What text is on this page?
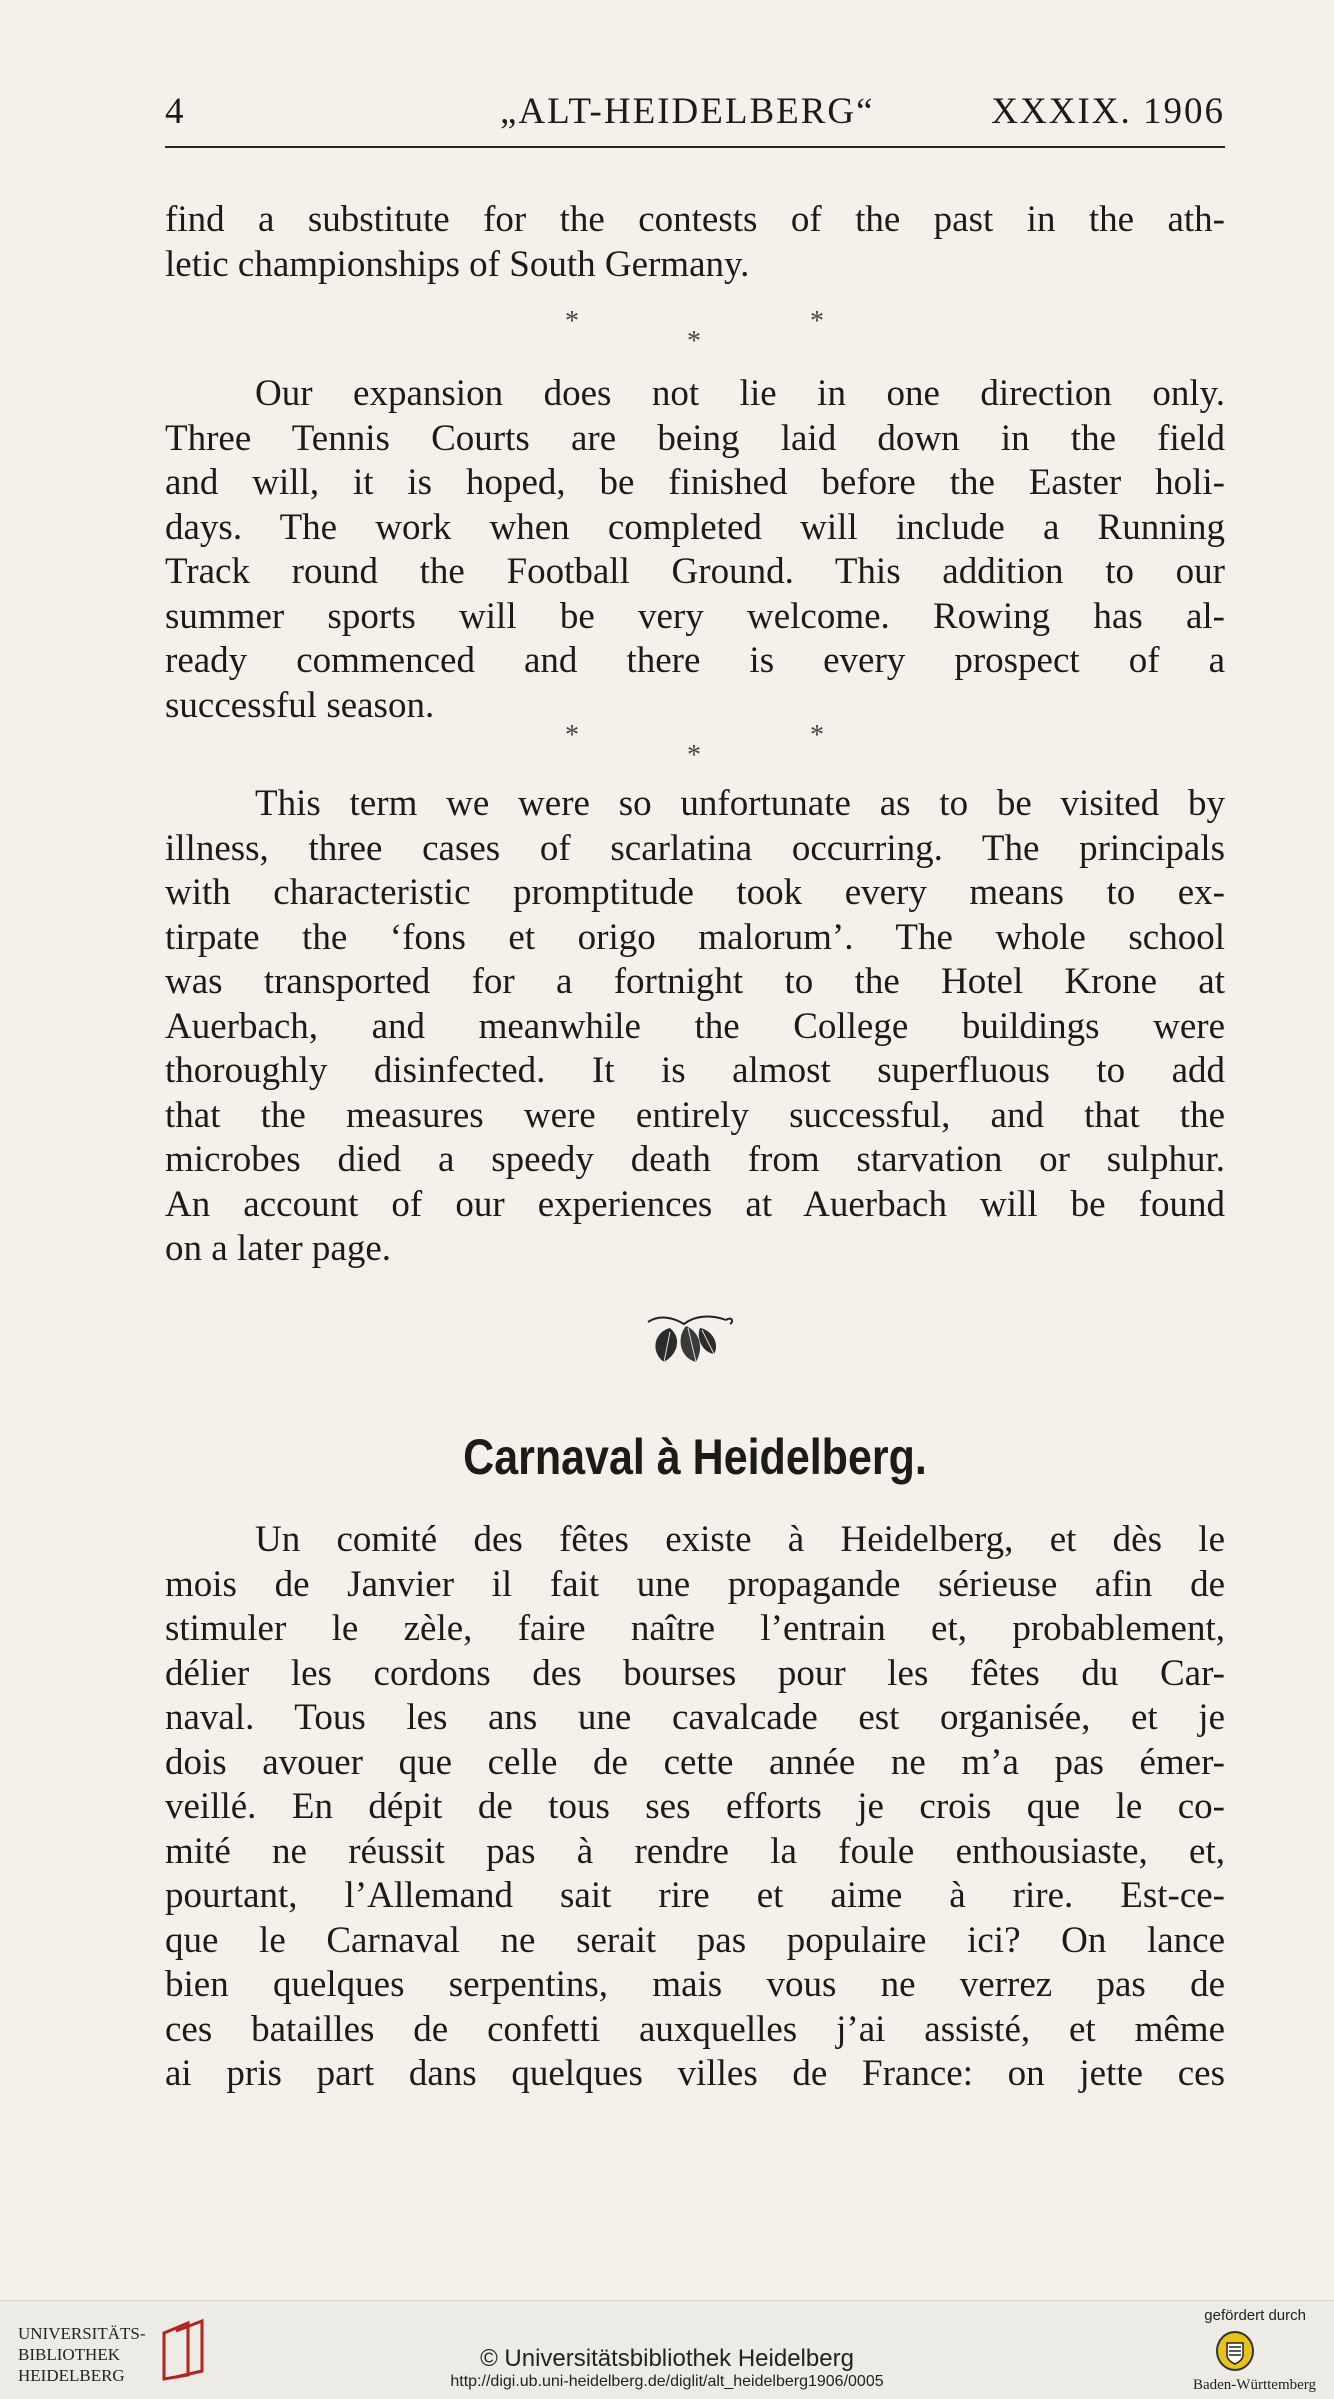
4	„ALT-HEIDELBERG“	XXXIX. 1906
find a substitute for the contests of the past in the ath-
letic championships of South Germany.
*
*
*
Our expansion does not lie in one direction only.
Three Tennis Courts are being laid down in the field
and will, it is hoped, be finished before the Easter holi-
days. The work when completed will include a Running
Track round the Football Ground. This addition to our
summer sports will be very welcome. Rowing has al-
ready commenced and there is every prospect of a
successful season.
*
*
*
This term we were so unfortunate as to be visited by
illness, three cases of scarlatina occurring. The principals
with characteristic promptitude took every means to ex-
tirpate the ‘fons et origo malorum’. The whole school
was transported for a fortnight to the Hotel Krone at
Auerbach, and meanwhile the College buildings were
thoroughly disinfected. It is almost superfluous to add
that the measures were entirely successful, and that the
microbes died a speedy death from starvation or sulphur.
An account of our experiences at Auerbach will be found
on a later page.
Carnaval à Heidelberg.
Un comité des fêtes existe à Heidelberg, et dès le
mois de Janvier il fait une propagande sérieuse afin de
stimuler le zèle, faire naître l’entrain et, probablement,
délier les cordons des bourses pour les fêtes du Car-
naval. Tous les ans une cavalcade est organisée, et je
dois avouer que celle de cette année ne m’a pas émer-
veillé. En dépit de tous ses efforts je crois que le co-
mité ne réussit pas à rendre la foule enthousiaste, et,
pourtant, l’Allemand sait rire et aime à rire. Est-ce-
que le Carnaval ne serait pas populaire ici? On lance
bien quelques serpentins, mais vous ne verrez pas de
ces batailles de confetti auxquelles j’ai assisté, et même
ai pris part dans quelques villes de France: on jette ces
UNIVERSITÄTS-
BIBLIOTHEK
HEIDELBERG
© Universitätsbibliothek Heidelberg
http://digi.ub.uni-heidelberg.de/diglit/alt_heidelberg1906/0005
gefördert durch
Baden-Württemberg
